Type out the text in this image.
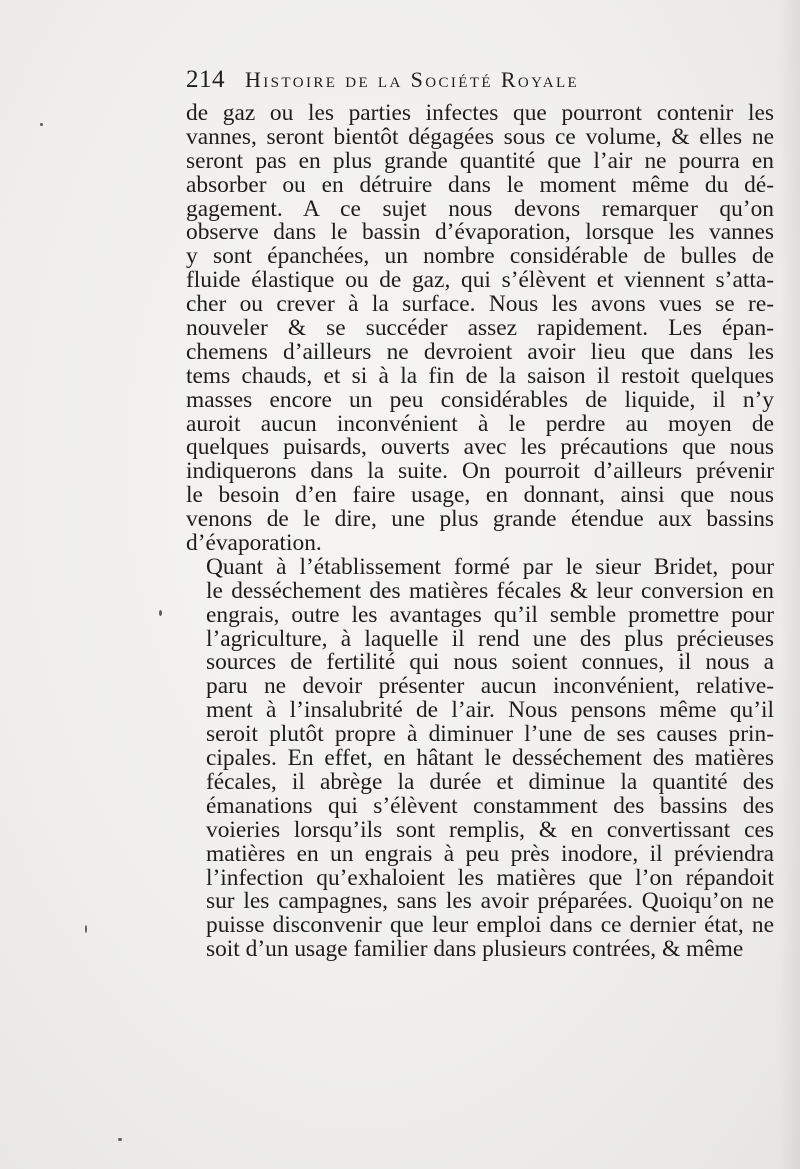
214 Histoire de la Société Royale

de gaz ou les parties infectes que pourront contenir les
vannes, seront bientôt dégagées sous ce volume, & elles ne
seront pas en plus grande quantité que l’air ne pourra en
absorber ou en détruire dans le moment même du dé-
gagement. A ce sujet nous devons remarquer qu’on
observe dans le bassin d’évaporation, lorsque les vannes
y sont épanchées, un nombre considérable de bulles de
fluide élastique ou de gaz, qui s’élèvent et viennent s’atta-
cher ou crever à la surface. Nous les avons vues se re-
nouveler & se succéder assez rapidement. Les épan-
chemens d’ailleurs ne devroient avoir lieu que dans les
tems chauds, et si à la fin de la saison il restoit quelques
masses encore un peu considérables de liquide, il n’y
auroit aucun inconvénient à le perdre au moyen de
quelques puisards, ouverts avec les précautions que nous
indiquerons dans la suite. On pourroit d’ailleurs prévenir
le besoin d’en faire usage, en donnant, ainsi que nous
venons de le dire, une plus grande étendue aux bassins
d’évaporation.

Quant à l’établissement formé par le sieur Bridet, pour
le desséchement des matières fécales & leur conversion en
engrais, outre les avantages qu’il semble promettre pour
l’agriculture, à laquelle il rend une des plus précieuses
sources de fertilité qui nous soient connues, il nous a
paru ne devoir présenter aucun inconvénient, relative-
ment à l’insalubrité de l’air. Nous pensons même qu’il
seroit plutôt propre à diminuer l’une de ses causes prin-
cipales. En effet, en hâtant le desséchement des matières
fécales, il abrège la durée et diminue la quantité des
émanations qui s’élèvent constamment des bassins des
voieries lorsqu’ils sont remplis, & en convertissant ces
matières en un engrais à peu près inodore, il préviendra
l’infection qu’exhaloient les matières que l’on répandoit
sur les campagnes, sans les avoir préparées. Quoiqu’on ne
puisse disconvenir que leur emploi dans ce dernier état, ne
soit d’un usage familier dans plusieurs contrées, & même
